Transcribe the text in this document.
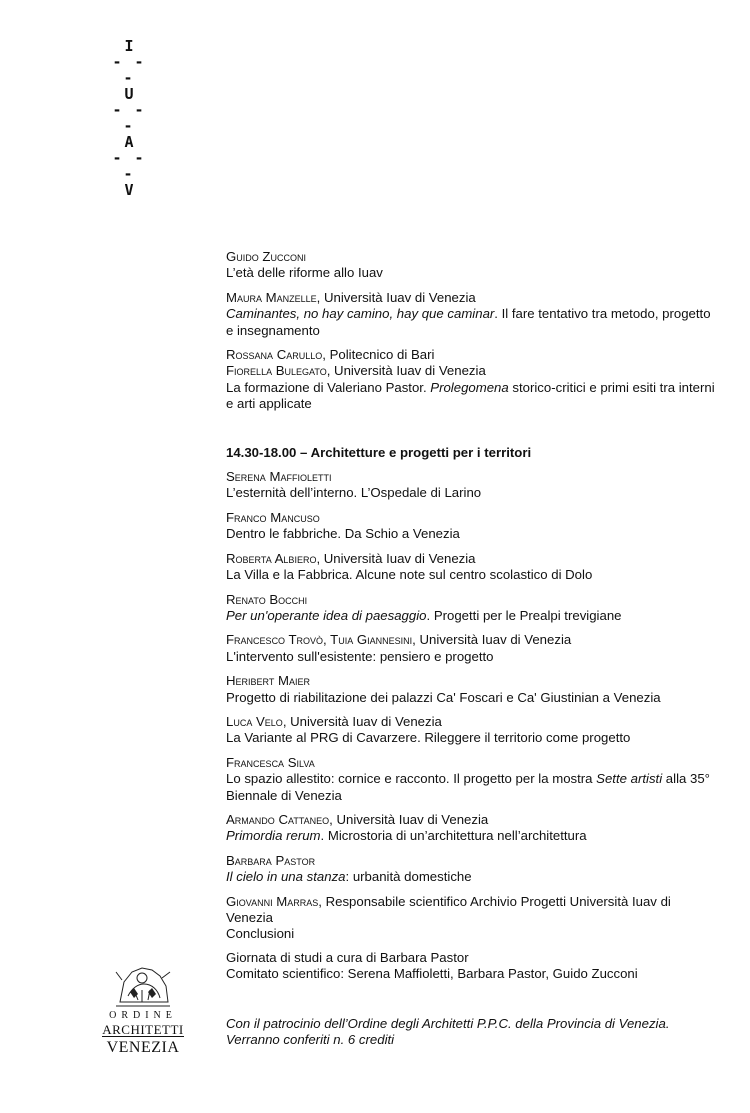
I
- - -
U
- - -
A
- - -
V

Guido Zucconi

L’età delle riforme allo Iuav

Maura Manzelle, Università Iuav di Venezia

Caminantes, no hay camino, hay que caminar. Il fare tentativo tra metodo, progetto e insegnamento

Rossana Carullo, Politecnico di Bari

Fiorella Bulegato, Università Iuav di Venezia

La formazione di Valeriano Pastor. Prolegomena storico-critici e primi esiti tra interni e arti applicate

14.30-18.00 – Architetture e progetti per i territori

Serena Maffioletti

L’esternità dell’interno. L’Ospedale di Larino

Franco Mancuso

Dentro le fabbriche. Da Schio a Venezia

Roberta Albiero, Università Iuav di Venezia

La Villa e la Fabbrica. Alcune note sul centro scolastico di Dolo

Renato Bocchi

Per un'operante idea di paesaggio. Progetti per le Prealpi trevigiane

Francesco Trovò, Tuia Giannesini, Università Iuav di Venezia

L'intervento sull'esistente: pensiero e progetto

Heribert Maier

Progetto di riabilitazione dei palazzi Ca' Foscari e Ca' Giustinian a Venezia

Luca Velo, Università Iuav di Venezia

La Variante al PRG di Cavarzere. Rileggere il territorio come progetto

Francesca Silva

Lo spazio allestito: cornice e racconto. Il progetto per la mostra Sette artisti alla 35° Biennale di Venezia

Armando Cattaneo, Università Iuav di Venezia

Primordia rerum. Microstoria di un’architettura nell’architettura

Barbara Pastor

Il cielo in una stanza: urbanità domestiche

Giovanni Marras, Responsabile scientifico Archivio Progetti Università Iuav di Venezia

Conclusioni

Giornata di studi a cura di Barbara Pastor

Comitato scientifico: Serena Maffioletti, Barbara Pastor, Guido Zucconi

Con il patrocinio dell’Ordine degli Architetti P.P.C. della Provincia di Venezia.

Verranno conferiti n. 6 crediti

ORDINE
ARCHITETTI
VENEZIA
